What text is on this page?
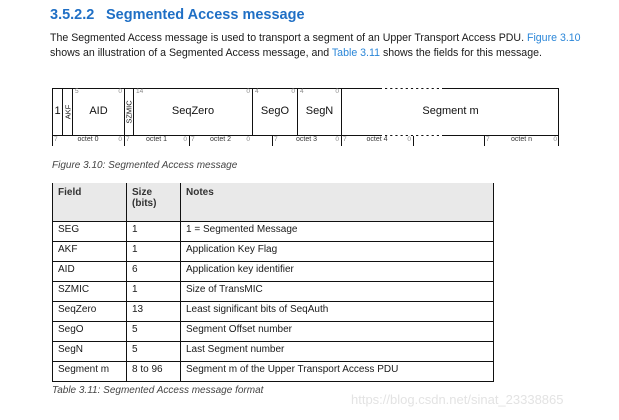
3.5.2.2 Segmented Access message
The Segmented Access message is used to transport a segment of an Upper Transport Access PDU. Figure 3.10 shows an illustration of a Segmented Access message, and Table 3.11 shows the fields for this message.
1 AKF
5	0
AID	SZMIC
14	0
SeqZero
4	0
SegO
4	0
SegN	Segment m
7	octet 0	0 7	octet 1	0 7	octet 2	0	7	octet 3	0 7	octet 4	0	7	octet n	0
Figure 3.10: Segmented Access message
Field	Size
(bits)	Notes
SEG	1	1 = Segmented Message
AKF	1	Application Key Flag
AID	6	Application key identifier
SZMIC	1	Size of TransMIC
SeqZero	13	Least significant bits of SeqAuth
SegO	5	Segment Offset number
SegN	5	Last Segment number
Segment m	8 to 96	Segment m of the Upper Transport Access PDU
Table 3.11: Segmented Access message format
https://blog.csdn.net/sinat_23338865
